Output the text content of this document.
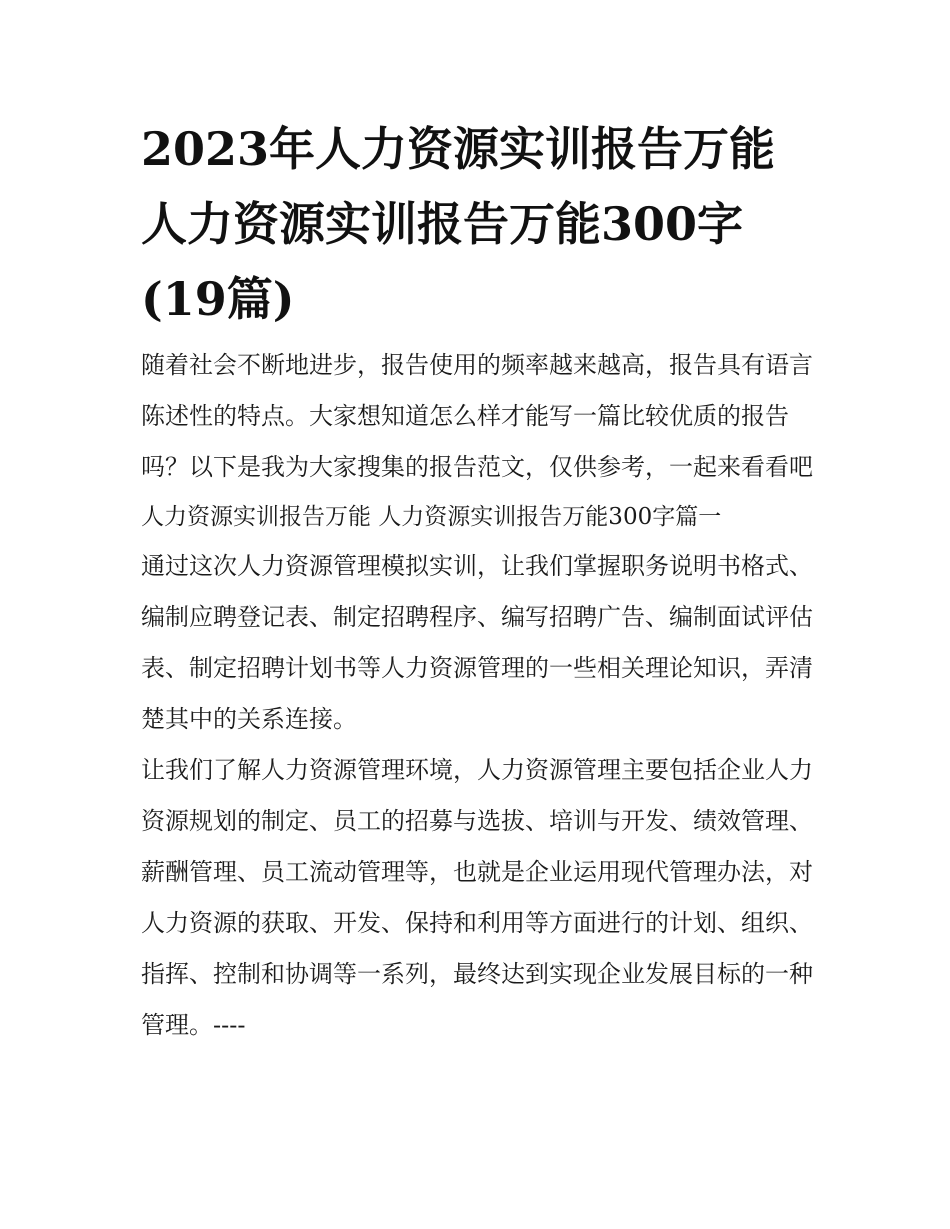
2023年人力资源实训报告万能 人力资源实训报告万能300字(19篇)

随着社会不断地进步，报告使用的频率越来越高，报告具有语言陈述性的特点。大家想知道怎么样才能写一篇比较优质的报告吗？以下是我为大家搜集的报告范文，仅供参考，一起来看看吧

人力资源实训报告万能 人力资源实训报告万能300字篇一

通过这次人力资源管理模拟实训，让我们掌握职务说明书格式、编制应聘登记表、制定招聘程序、编写招聘广告、编制面试评估表、制定招聘计划书等人力资源管理的一些相关理论知识，弄清楚其中的关系连接。

让我们了解人力资源管理环境，人力资源管理主要包括企业人力资源规划的制定、员工的招募与选拔、培训与开发、绩效管理、薪酬管理、员工流动管理等，也就是企业运用现代管理办法，对人力资源的获取、开发、保持和利用等方面进行的计划、组织、指挥、控制和协调等一系列，最终达到实现企业发展目标的一种管理。----
